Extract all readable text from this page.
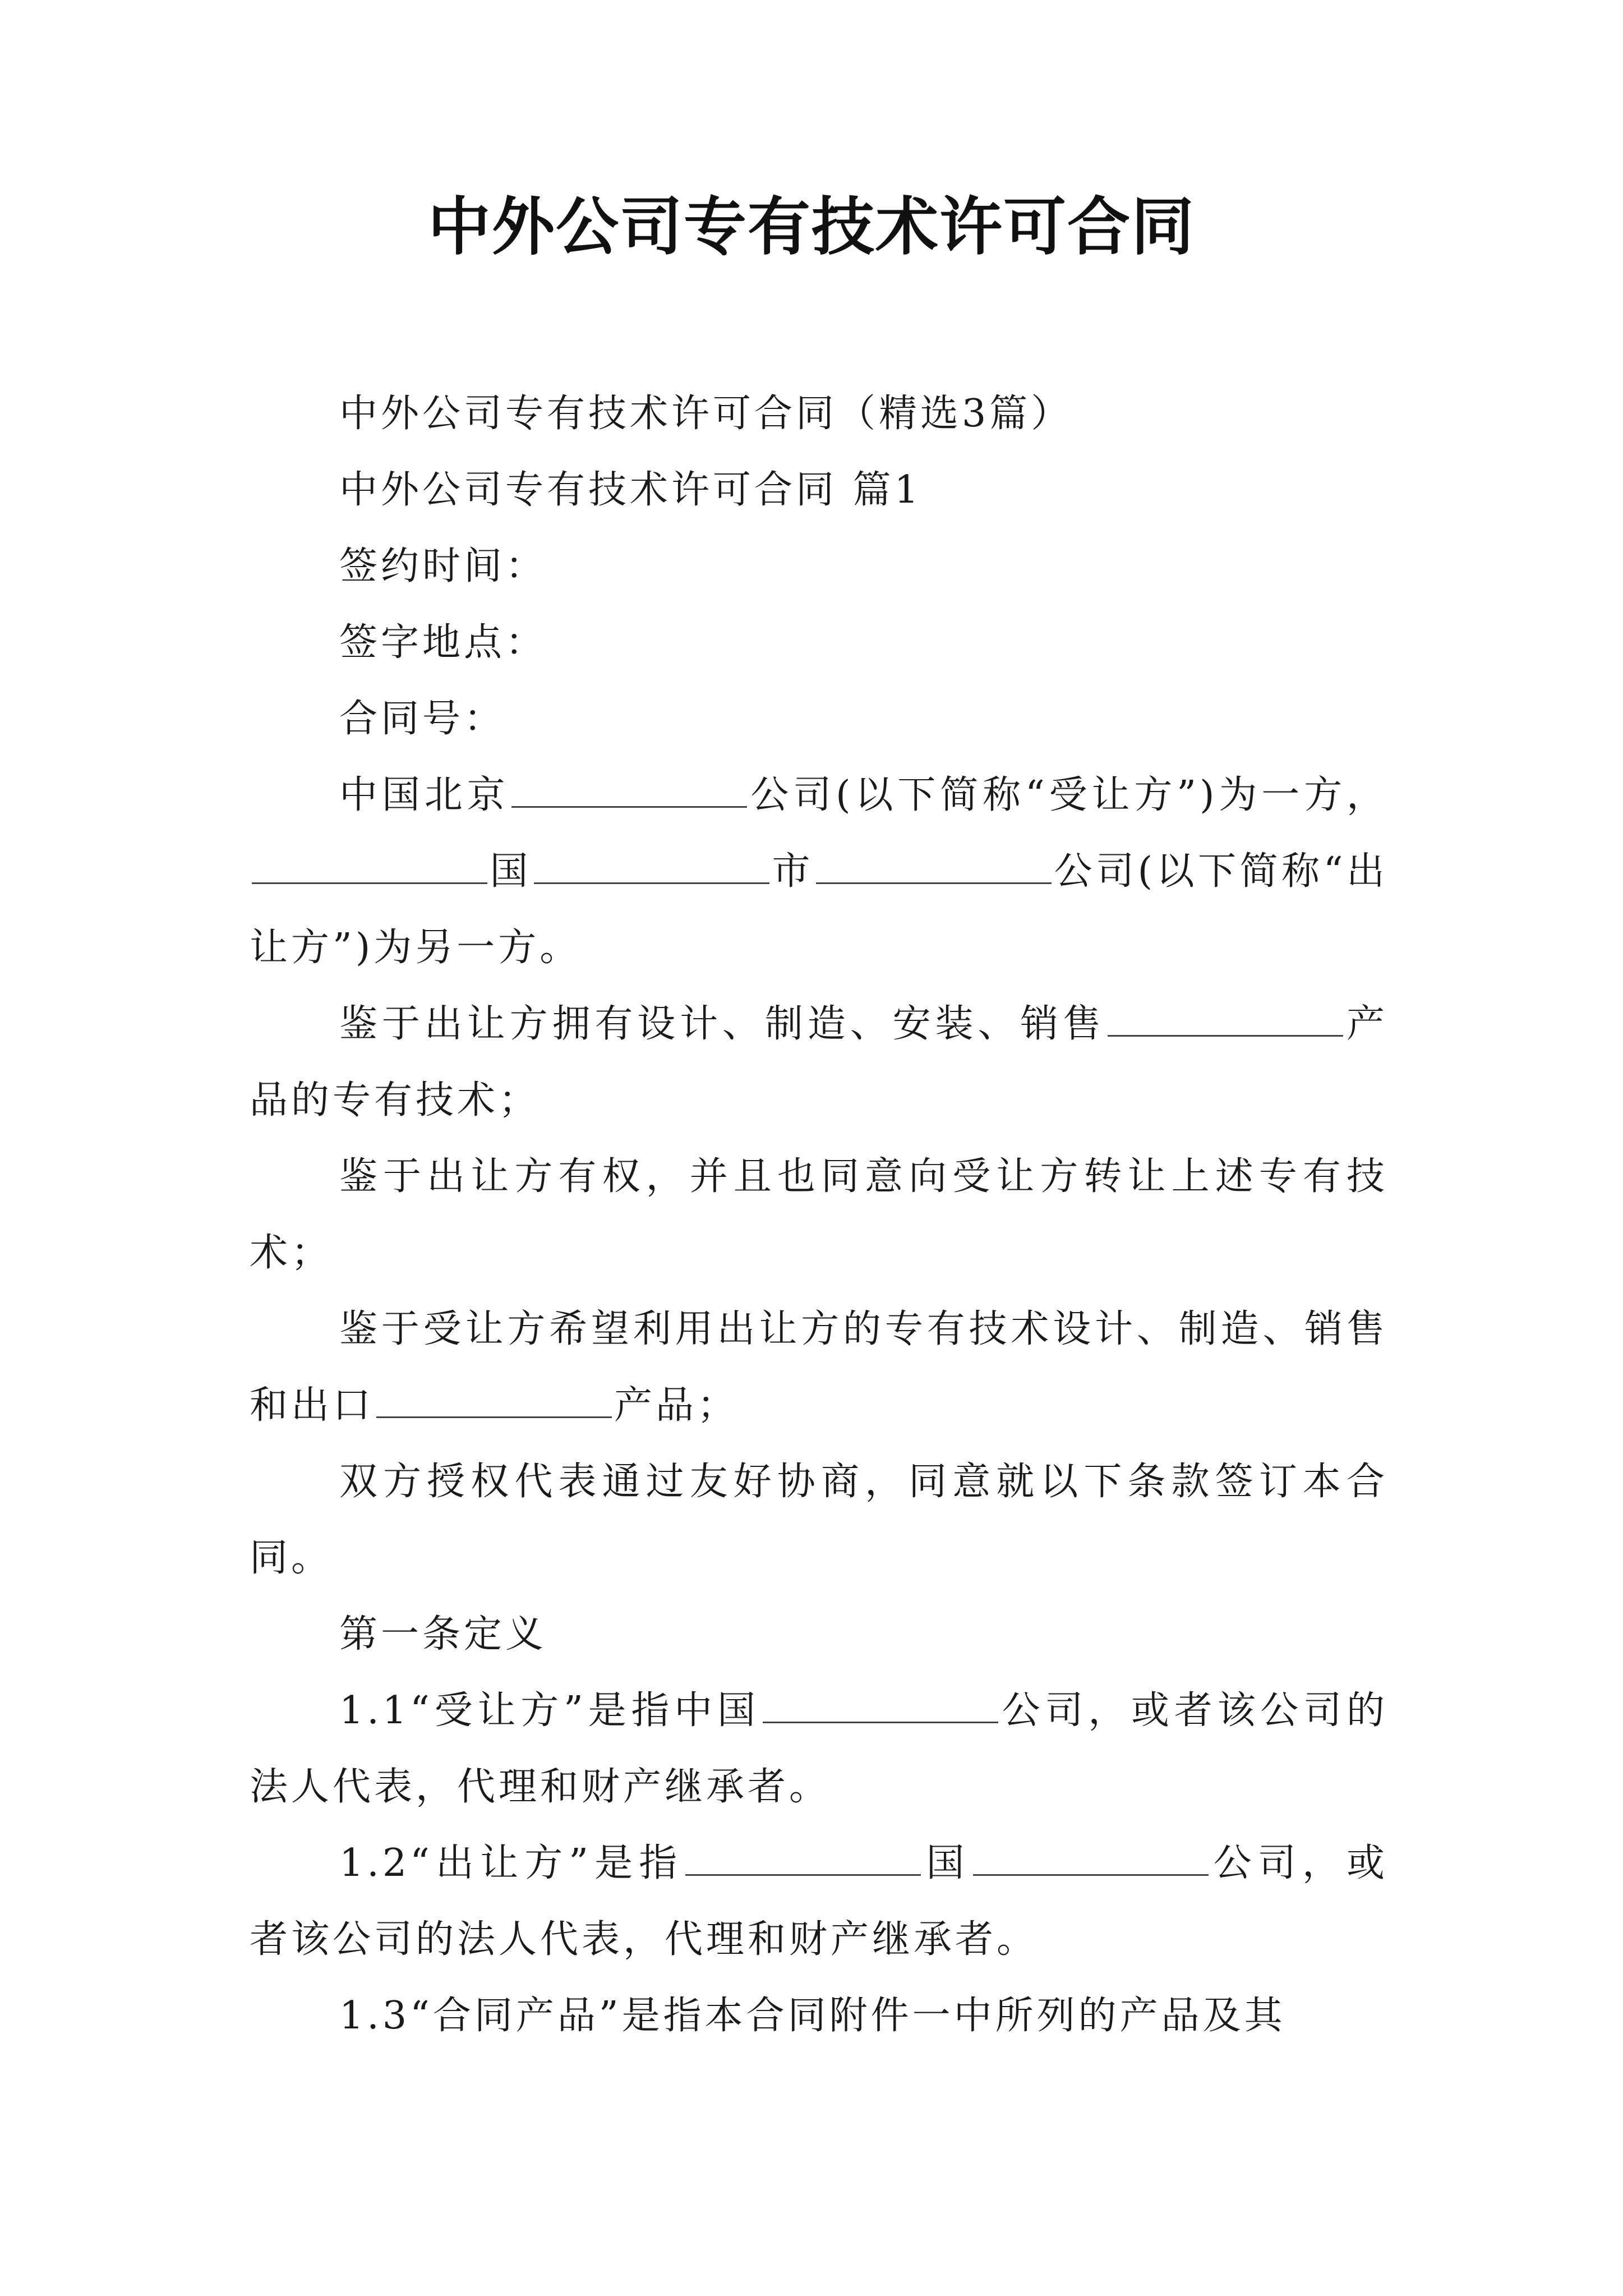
中外公司专有技术许可合同

中外公司专有技术许可合同（精选3篇）

中外公司专有技术许可合同 篇1

签约时间：

签字地点：

合同号：

中国北京	公司(以下简称“受让方”)为一方，国	市	公司(以下简称“出让方”)为另一方。

鉴于出让方拥有设计、制造、安装、销售	产品的专有技术；

鉴于出让方有权，并且也同意向受让方转让上述专有技术；

鉴于受让方希望利用出让方的专有技术设计、制造、销售和出口	产品；

双方授权代表通过友好协商，同意就以下条款签订本合同。

第一条定义

1.1“受让方”是指中国	公司，或者该公司的法人代表，代理和财产继承者。

1.2“出让方”是指	国	公司，或者该公司的法人代表，代理和财产继承者。

1.3“合同产品”是指本合同附件一中所列的产品及其
